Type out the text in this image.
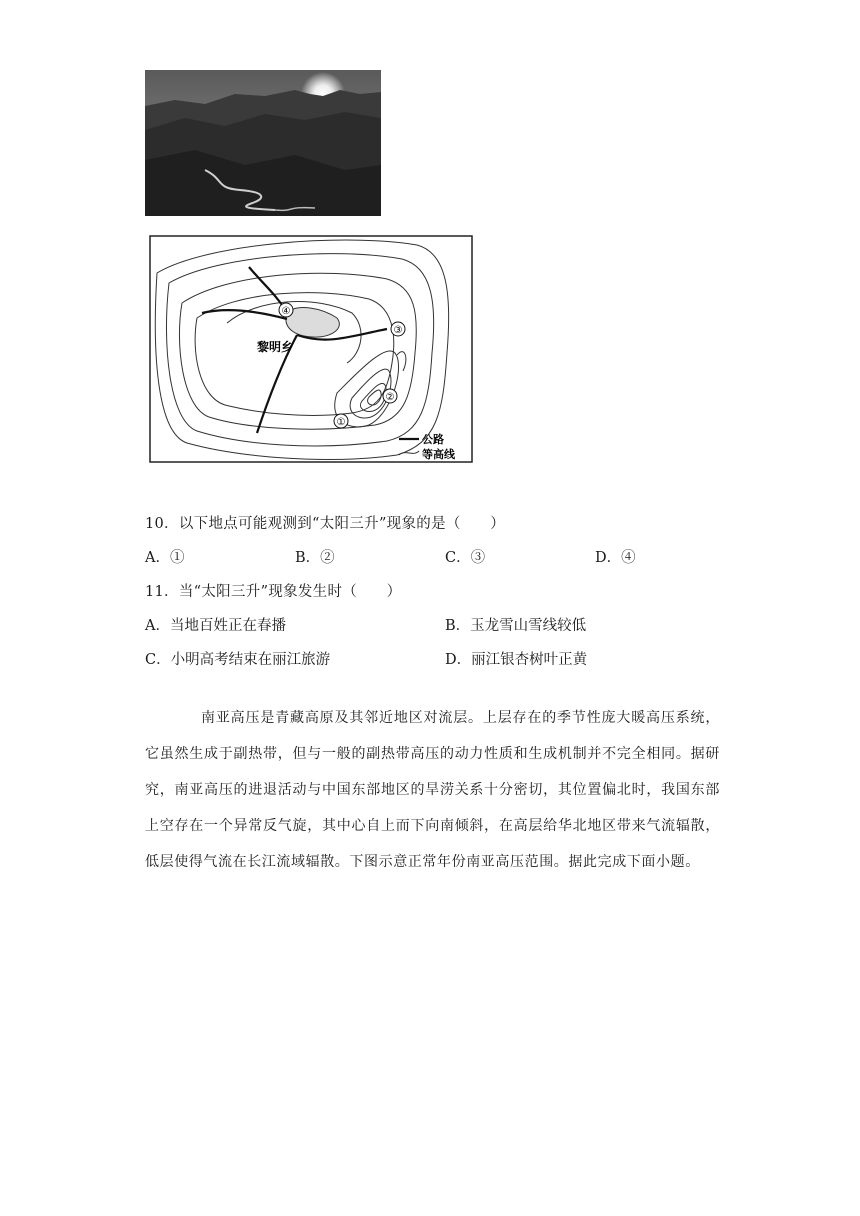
④
③
②
①
黎明乡
公路
等高线
10．以下地点可能观测到“太阳三升”现象的是（　　）
A．①	B．②	C．③	D．④
11．当“太阳三升”现象发生时（　　）
A．当地百姓正在春播	B．玉龙雪山雪线较低
C．小明高考结束在丽江旅游	D．丽江银杏树叶正黄
南亚高压是青藏高原及其邻近地区对流层。上层存在的季节性庞大暖高压系统，它虽然生成于副热带，但与一般的副热带高压的动力性质和生成机制并不完全相同。据研究，南亚高压的进退活动与中国东部地区的旱涝关系十分密切，其位置偏北时，我国东部上空存在一个异常反气旋，其中心自上而下向南倾斜，在高层给华北地区带来气流辐散，低层使得气流在长江流域辐散。下图示意正常年份南亚高压范围。据此完成下面小题。
